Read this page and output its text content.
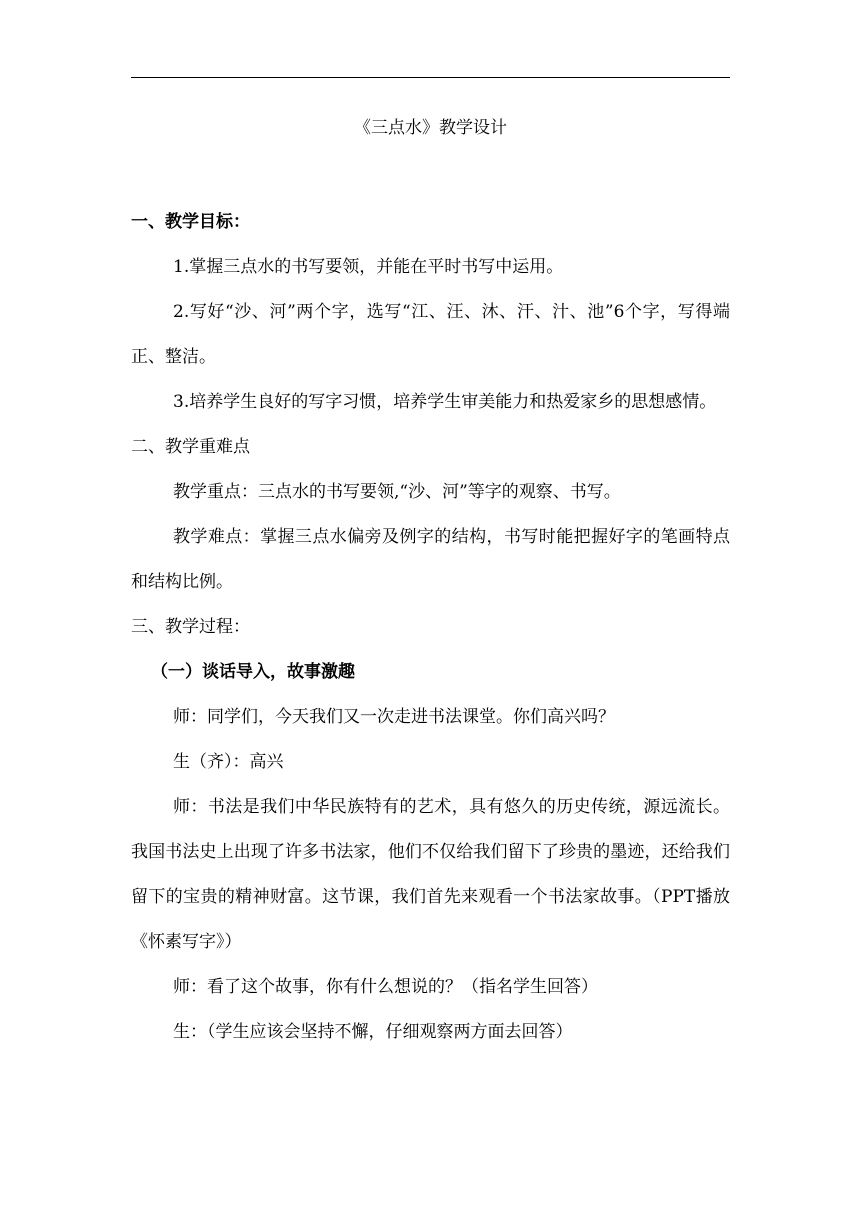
《三点水》教学设计

一、教学目标：

1.掌握三点水的书写要领，并能在平时书写中运用。

2.写好“沙、河”两个字，选写“江、汪、沐、汗、汁、池”6个字，写得端正、整洁。

3.培养学生良好的写字习惯，培养学生审美能力和热爱家乡的思想感情。

二、教学重难点

教学重点：三点水的书写要领,“沙、河”等字的观察、书写。

教学难点：掌握三点水偏旁及例字的结构，书写时能把握好字的笔画特点和结构比例。

三、教学过程：

（一）谈话导入，故事激趣

师：同学们，今天我们又一次走进书法课堂。你们高兴吗？

生（齐）：高兴

师：书法是我们中华民族特有的艺术，具有悠久的历史传统，源远流长。我国书法史上出现了许多书法家，他们不仅给我们留下了珍贵的墨迹，还给我们留下的宝贵的精神财富。这节课，我们首先来观看一个书法家故事。（PPT播放《怀素写字》）

师：看了这个故事，你有什么想说的？（指名学生回答）

生：（学生应该会坚持不懈，仔细观察两方面去回答）
